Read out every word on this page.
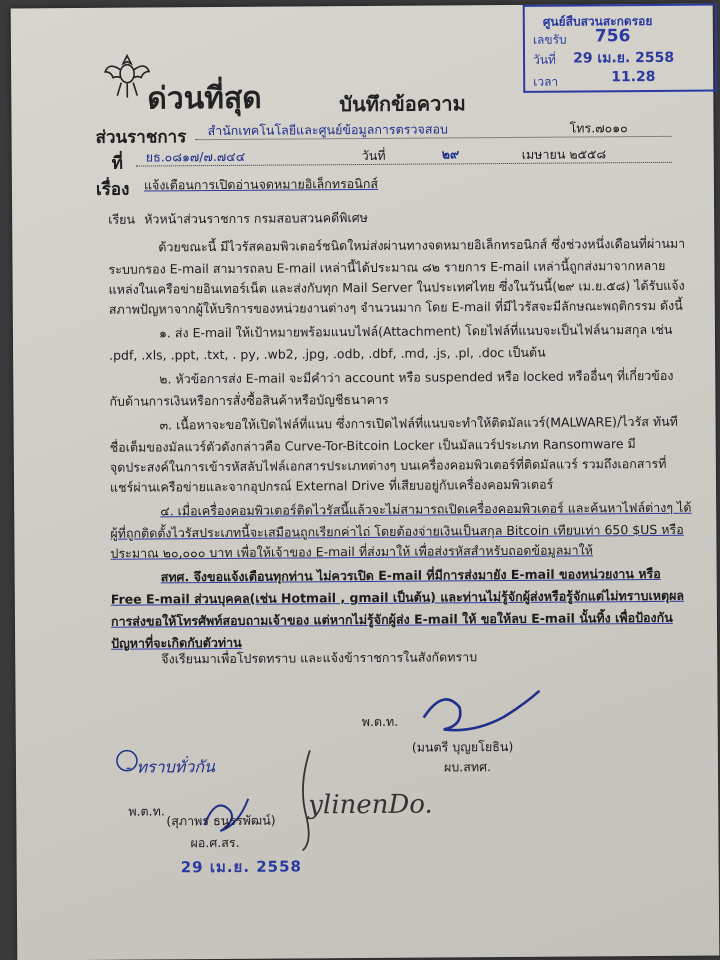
ศูนย์สืบสวนสะกดรอย
เลขรับ 756
วันที่ 29 เม.ย. 2558
เวลา	11.28
ด่วนที่สุด	บันทึกข้อความ
ส่วนราชการ สำนักเทคโนโลยีและศูนย์ข้อมูลการตรวจสอบ	โทร.๗๐๑๐
ที่ ยธ.๐๘๑๗/๗.๗๔๔	วันที่	๒๙	เมษายน ๒๕๕๘
เรื่อง แจ้งเตือนการเปิดอ่านจดหมายอิเล็กทรอนิกส์
เรียน หัวหน้าส่วนราชการ กรมสอบสวนคดีพิเศษ
ด้วยขณะนี้ มีไวรัสคอมพิวเตอร์ชนิดใหม่ส่งผ่านทางจดหมายอิเล็กทรอนิกส์ ซึ่งช่วงหนึ่งเดือนที่ผ่านมา
ระบบกรอง E-mail สามารถลบ E-mail เหล่านี้ได้ประมาณ ๘๒ รายการ E-mail เหล่านี้ถูกส่งมาจากหลาย
แหล่งในเครือข่ายอินเทอร์เน็ต และส่งกับทุก Mail Server ในประเทศไทย ซึ่งในวันนี้(๒๙ เม.ย.๕๘) ได้รับแจ้ง
สภาพปัญหาจากผู้ให้บริการของหน่วยงานต่างๆ จำนวนมาก โดย E-mail ที่มีไวรัสจะมีลักษณะพฤติกรรม ดังนี้
๑. ส่ง E-mail ให้เป้าหมายพร้อมแนบไฟล์(Attachment) โดยไฟล์ที่แนบจะเป็นไฟล์นามสกุล เช่น
.pdf, .xls, .ppt, .txt, . py, .wb2, .jpg, .odb, .dbf, .md, .js, .pl, .doc เป็นต้น
๒. หัวข้อการส่ง E-mail จะมีคำว่า account หรือ suspended หรือ locked หรืออื่นๆ ที่เกี่ยวข้อง
กับด้านการเงินหรือการสั่งซื้อสินค้าหรือบัญชีธนาคาร
๓. เนื้อหาจะขอให้เปิดไฟล์ที่แนบ ซึ่งการเปิดไฟล์ที่แนบจะทำให้ติดมัลแวร์(MALWARE)/ไวรัส ทันที
ชื่อเต็มของมัลแวร์ตัวดังกล่าวคือ Curve-Tor-Bitcoin Locker เป็นมัลแวร์ประเภท Ransomware มี
จุดประสงค์ในการเข้ารหัสลับไฟล์เอกสารประเภทต่างๆ บนเครื่องคอมพิวเตอร์ที่ติดมัลแวร์ รวมถึงเอกสารที่
แชร์ผ่านเครือข่ายและจากอุปกรณ์ External Drive ที่เสียบอยู่กับเครื่องคอมพิวเตอร์
๔. เมื่อเครื่องคอมพิวเตอร์ติดไวรัสนี้แล้วจะไม่สามารถเปิดเครื่องคอมพิวเตอร์ และค้นหาไฟล์ต่างๆ ได้
ผู้ที่ถูกติดตั้งไวรัสประเภทนี้จะเสมือนถูกเรียกค่าไถ่ โดยต้องจ่ายเงินเป็นสกุล Bitcoin เทียบเท่า 650 $US หรือ
ประมาณ ๒๐,๐๐๐ บาท เพื่อให้เจ้าของ E-mail ที่ส่งมาให้ เพื่อส่งรหัสสำหรับถอดข้อมูลมาให้
สทศ. จึงขอแจ้งเตือนทุกท่าน ไม่ควรเปิด E-mail ที่มีการส่งมายัง E-mail ของหน่วยงาน หรือ
Free E-mail ส่วนบุคคล(เช่น Hotmail , gmail เป็นต้น) และท่านไม่รู้จักผู้ส่งหรือรู้จักแต่ไม่ทราบเหตุผล
การส่งขอให้โทรศัพท์สอบถามเจ้าของ แต่หากไม่รู้จักผู้ส่ง E-mail ให้ ขอให้ลบ E-mail นั้นทิ้ง เพื่อป้องกัน
ปัญหาที่จะเกิดกับตัวท่าน
จึงเรียนมาเพื่อโปรดทราบ และแจ้งข้าราชการในสังกัดทราบ
พ.ต.ท.
(มนตรี บุญยโยธิน)
ผบ.สทศ.
- ทราบทั่วกัน
พ.ต.ท.
(สุภาพร ธนูรรพัฒน์)
ผอ.ศ.สร.
29 เม.ย. 2558
ylinenDo.
